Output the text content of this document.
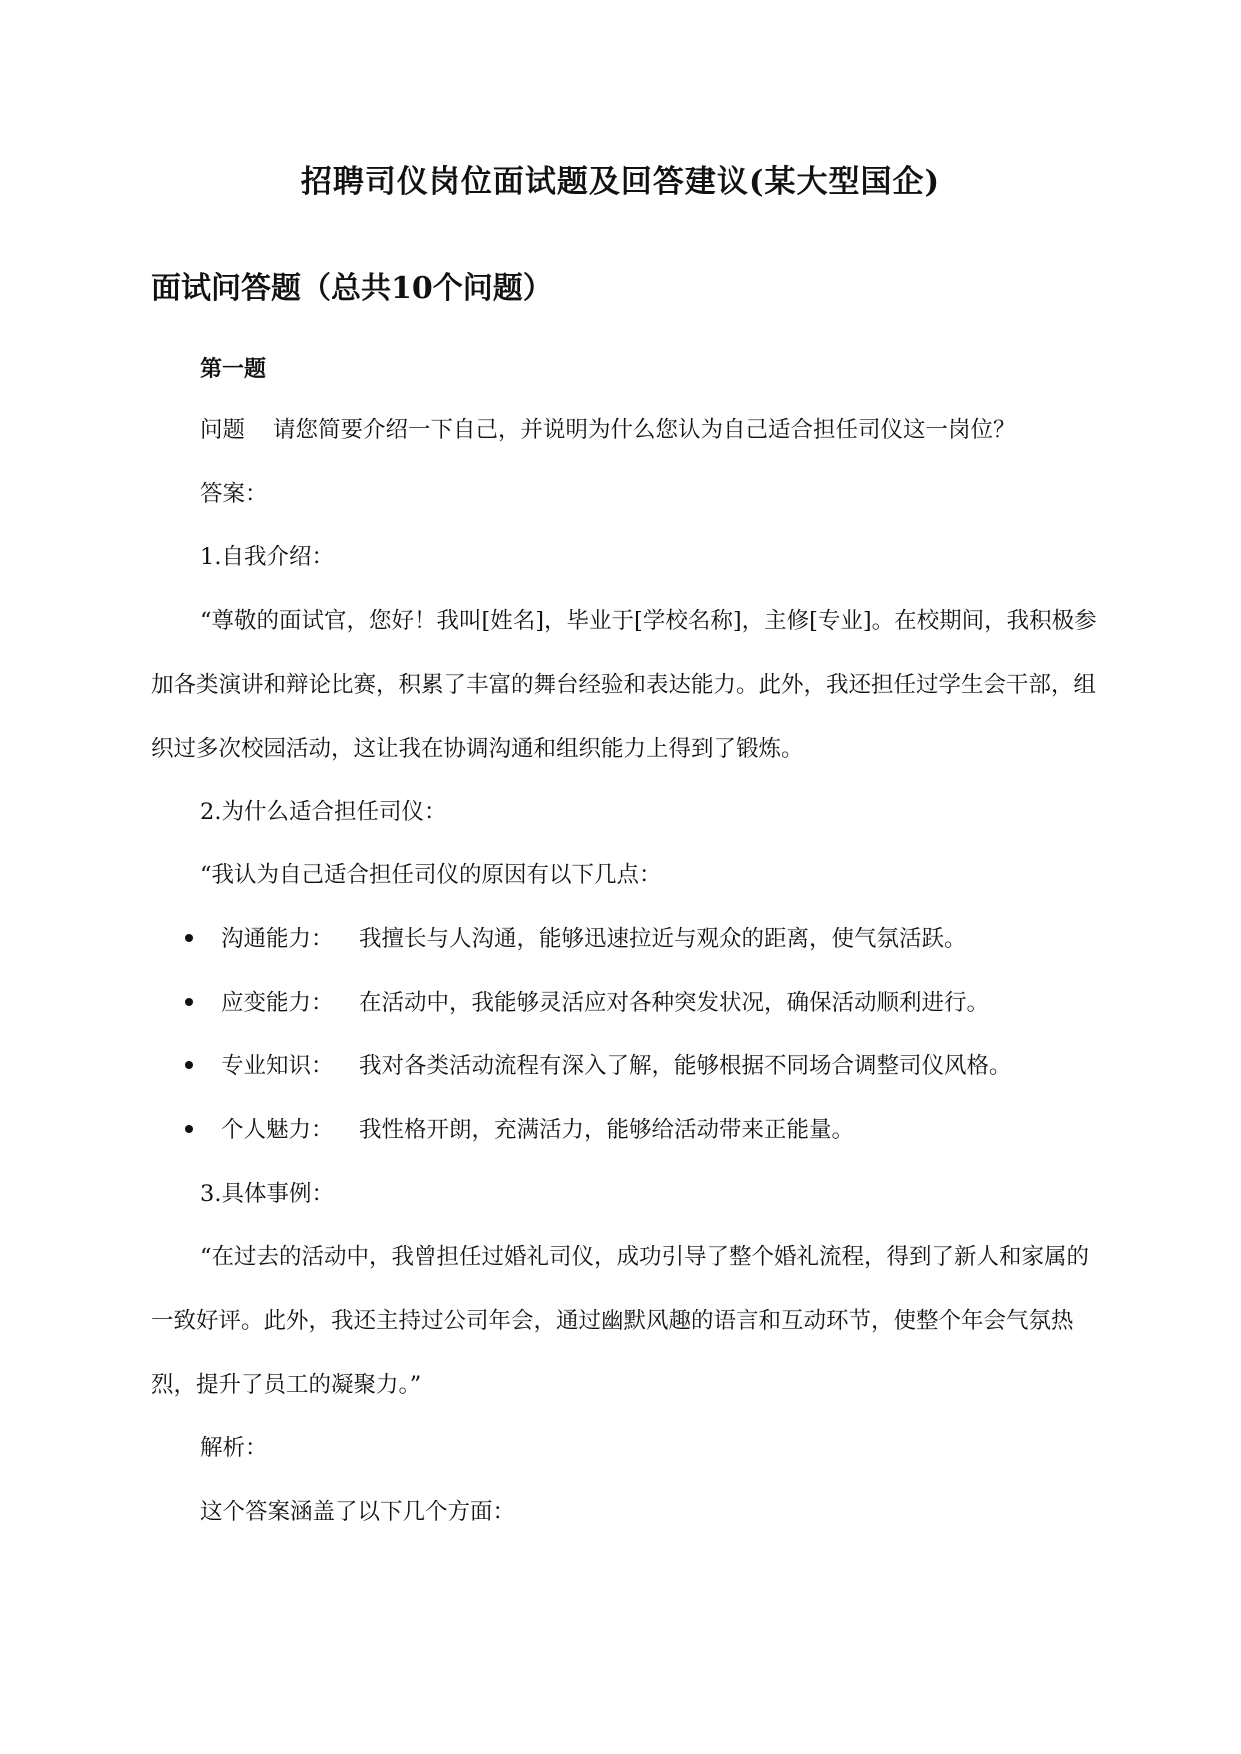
招聘司仪岗位面试题及回答建议(某大型国企)
面试问答题（总共10个问题）
第一题
问题 请您简要介绍一下自己，并说明为什么您认为自己适合担任司仪这一岗位？
答案：
1.自我介绍：
“尊敬的面试官，您好！我叫[姓名]，毕业于[学校名称]，主修[专业]。在校期间，我积极参加各类演讲和辩论比赛，积累了丰富的舞台经验和表达能力。此外，我还担任过学生会干部，组织过多次校园活动，这让我在协调沟通和组织能力上得到了锻炼。
2.为什么适合担任司仪：
“我认为自己适合担任司仪的原因有以下几点：
沟通能力： 我擅长与人沟通，能够迅速拉近与观众的距离，使气氛活跃。
应变能力： 在活动中，我能够灵活应对各种突发状况，确保活动顺利进行。
专业知识： 我对各类活动流程有深入了解，能够根据不同场合调整司仪风格。
个人魅力： 我性格开朗，充满活力，能够给活动带来正能量。
3.具体事例：
“在过去的活动中，我曾担任过婚礼司仪，成功引导了整个婚礼流程，得到了新人和家属的一致好评。此外，我还主持过公司年会，通过幽默风趣的语言和互动环节，使整个年会气氛热烈，提升了员工的凝聚力。”
解析：
这个答案涵盖了以下几个方面：
